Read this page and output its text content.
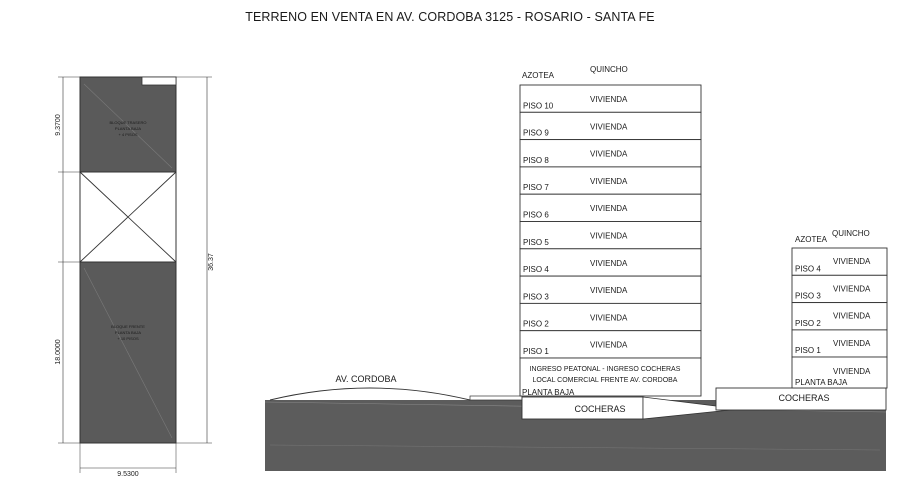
TERRENO EN VENTA EN AV. CORDOBA 3125 - ROSARIO - SANTA FE
BLOQUE TRASERO
PLANTA BAJA
+ 4 PISOS
BLOQUE FRENTE
PLANTA BAJA
+ 10 PISOS
9.3700
18.0000
36.37
9.5300
AV. CORDOBA
COCHERAS
COCHERAS
PISO 10
VIVIENDA
PISO 9
VIVIENDA
PISO 8
VIVIENDA
PISO 7
VIVIENDA
PISO 6
VIVIENDA
PISO 5
VIVIENDA
PISO 4
VIVIENDA
PISO 3
VIVIENDA
PISO 2
VIVIENDA
PISO 1
VIVIENDA
INGRESO PEATONAL - INGRESO COCHERAS
LOCAL COMERCIAL FRENTE AV. CORDOBA
PLANTA BAJA
AZOTEA
QUINCHO
PISO 4
VIVIENDA
PISO 3
VIVIENDA
PISO 2
VIVIENDA
PISO 1
VIVIENDA
VIVIENDA
PLANTA BAJA
AZOTEA
QUINCHO
